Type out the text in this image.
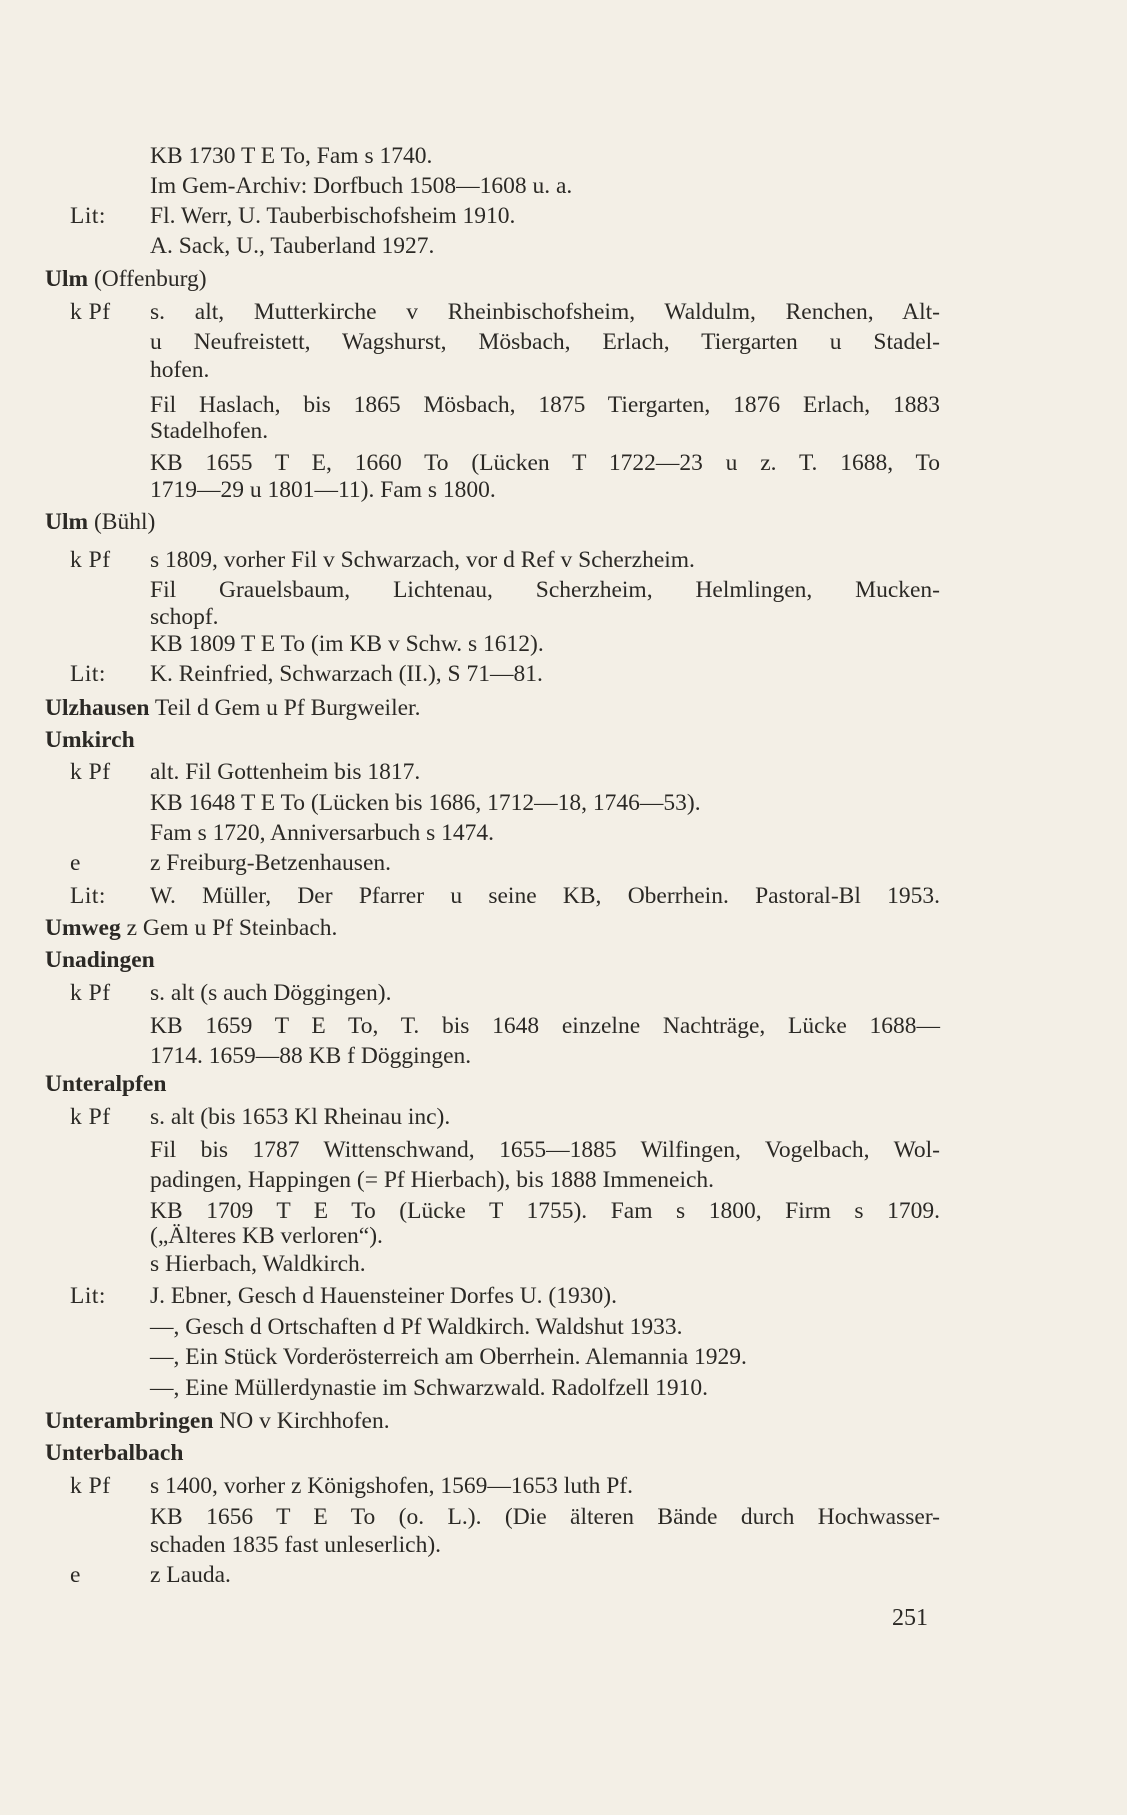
KB 1730 T E To, Fam s 1740.
Im Gem-Archiv: Dorfbuch 1508—1608 u. a.
Lit: Fl. Werr, U. Tauberbischofsheim 1910.
A. Sack, U., Tauberland 1927.
Ulm (Offenburg)
k Pf s. alt, Mutterkirche v Rheinbischofsheim, Waldulm, Renchen, Alt-
u Neufreistett, Wagshurst, Mösbach, Erlach, Tiergarten u Stadel-
hofen.
Fil Haslach, bis 1865 Mösbach, 1875 Tiergarten, 1876 Erlach, 1883
Stadelhofen.
KB 1655 T E, 1660 To (Lücken T 1722—23 u z. T. 1688, To
1719—29 u 1801—11). Fam s 1800.
Ulm (Bühl)
k Pf s 1809, vorher Fil v Schwarzach, vor d Ref v Scherzheim.
Fil Grauelsbaum, Lichtenau, Scherzheim, Helmlingen, Mucken-
schopf.
KB 1809 T E To (im KB v Schw. s 1612).
Lit: K. Reinfried, Schwarzach (II.), S 71—81.
Ulzhausen Teil d Gem u Pf Burgweiler.
Umkirch
k Pf alt. Fil Gottenheim bis 1817.
KB 1648 T E To (Lücken bis 1686, 1712—18, 1746—53).
Fam s 1720, Anniversarbuch s 1474.
e	z Freiburg-Betzenhausen.
Lit: W. Müller, Der Pfarrer u seine KB, Oberrhein. Pastoral-Bl 1953.
Umweg z Gem u Pf Steinbach.
Unadingen
k Pf s. alt (s auch Döggingen).
KB 1659 T E To, T. bis 1648 einzelne Nachträge, Lücke 1688—
1714. 1659—88 KB f Döggingen.
Unteralpfen
k Pf s. alt (bis 1653 Kl Rheinau inc).
Fil bis 1787 Wittenschwand, 1655—1885 Wilfingen, Vogelbach, Wol-
padingen, Happingen (= Pf Hierbach), bis 1888 Immeneich.
KB 1709 T E To (Lücke T 1755). Fam s 1800, Firm s 1709.
(„Älteres KB verloren“).
s Hierbach, Waldkirch.
Lit: J. Ebner, Gesch d Hauensteiner Dorfes U. (1930).
—, Gesch d Ortschaften d Pf Waldkirch. Waldshut 1933.
—, Ein Stück Vorderösterreich am Oberrhein. Alemannia 1929.
—, Eine Müllerdynastie im Schwarzwald. Radolfzell 1910.
Unterambringen NO v Kirchhofen.
Unterbalbach
k Pf s 1400, vorher z Königshofen, 1569—1653 luth Pf.
KB 1656 T E To (o. L.). (Die älteren Bände durch Hochwasser-
schaden 1835 fast unleserlich).
e	z Lauda.
251
